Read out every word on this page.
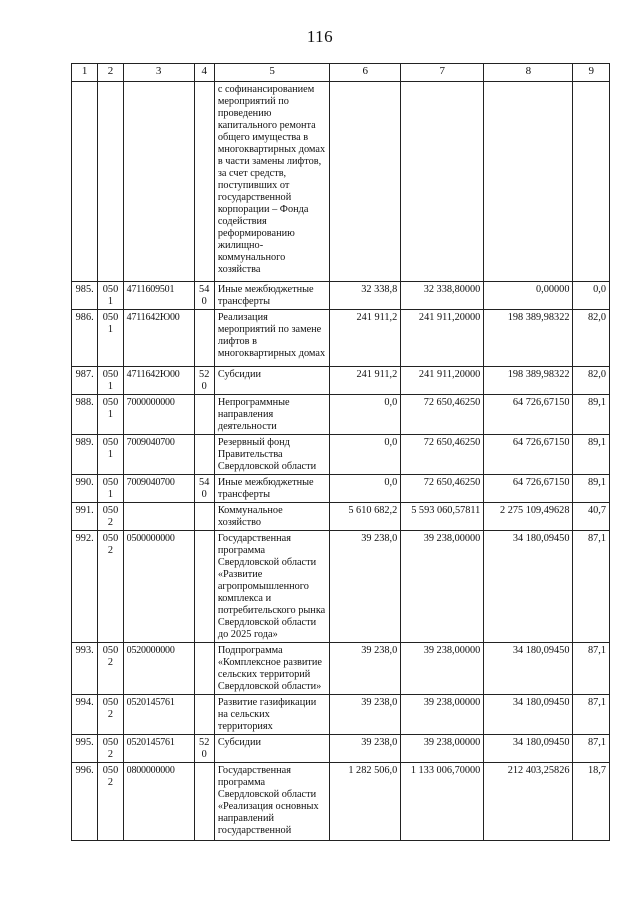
116
1	2	3	4	5	6	7	8	9
				с софинансированием мероприятий по проведению капитального ремонта общего имущества в многоквартирных домах в части замены лифтов, за счет средств, поступивших от государственной корпорации – Фонда содействия реформированию жилищно-коммунального хозяйства				
985.	0501	4711609501	540	Иные межбюджетные трансферты	32 338,8	32 338,80000	0,00000	0,0
986.	0501	4711642Ю00		Реализация мероприятий по замене лифтов в многоквартирных домах	241 911,2	241 911,20000	198 389,98322	82,0
987.	0501	4711642Ю00	520	Субсидии	241 911,2	241 911,20000	198 389,98322	82,0
988.	0501	7000000000		Непрограммные направления деятельности	0,0	72 650,46250	64 726,67150	89,1
989.	0501	7009040700		Резервный фонд Правительства Свердловской области	0,0	72 650,46250	64 726,67150	89,1
990.	0501	7009040700	540	Иные межбюджетные трансферты	0,0	72 650,46250	64 726,67150	89,1
991.	0502			Коммунальное хозяйство	5 610 682,2	5 593 060,57811	2 275 109,49628	40,7
992.	0502	0500000000		Государственная программа Свердловской области «Развитие агропромышленного комплекса и потребительского рынка Свердловской области до 2025 года»	39 238,0	39 238,00000	34 180,09450	87,1
993.	0502	0520000000		Подпрограмма «Комплексное развитие сельских территорий Свердловской области»	39 238,0	39 238,00000	34 180,09450	87,1
994.	0502	0520145761		Развитие газификации на сельских территориях	39 238,0	39 238,00000	34 180,09450	87,1
995.	0502	0520145761	520	Субсидии	39 238,0	39 238,00000	34 180,09450	87,1
996.	0502	0800000000		Государственная программа Свердловской области «Реализация основных направлений государственной	1 282 506,0	1 133 006,70000	212 403,25826	18,7
